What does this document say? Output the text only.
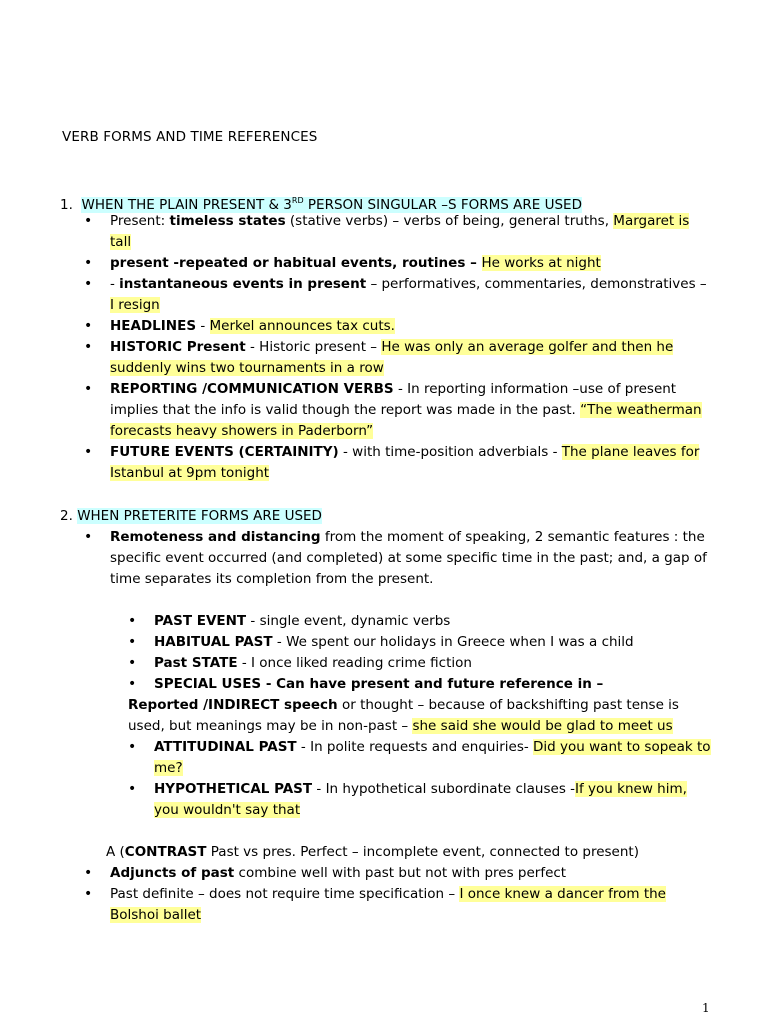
VERB FORMS AND TIME REFERENCES
1. WHEN THE PLAIN PRESENT & 3RD PERSON SINGULAR –S FORMS ARE USED
• Present: timeless states (stative verbs) – verbs of being, general truths, Margaret is tall
• present -repeated or habitual events, routines – He works at night
• - instantaneous events in present – performatives, commentaries, demonstratives – I resign
• HEADLINES - Merkel announces tax cuts.
• HISTORIC Present - Historic present – He was only an average golfer and then he suddenly wins two tournaments in a row
• REPORTING /COMMUNICATION VERBS - In reporting information –use of present implies that the info is valid though the report was made in the past. “The weatherman forecasts heavy showers in Paderborn”
• FUTURE EVENTS (CERTAINITY) - with time-position adverbials - The plane leaves for Istanbul at 9pm tonight
2. WHEN PRETERITE FORMS ARE USED
• Remoteness and distancing from the moment of speaking, 2 semantic features : the specific event occurred (and completed) at some specific time in the past; and, a gap of time separates its completion from the present.
• PAST EVENT - single event, dynamic verbs
• HABITUAL PAST - We spent our holidays in Greece when I was a child
• Past STATE - I once liked reading crime fiction
• SPECIAL USES - Can have present and future reference in –
Reported /INDIRECT speech or thought – because of backshifting past tense is used, but meanings may be in non-past – she said she would be glad to meet us
• ATTITUDINAL PAST - In polite requests and enquiries- Did you want to sopeak to me?
• HYPOTHETICAL PAST - In hypothetical subordinate clauses -If you knew him, you wouldn't say that
A (CONTRAST Past vs pres. Perfect – incomplete event, connected to present)
• Adjuncts of past combine well with past but not with pres perfect
• Past definite – does not require time specification – I once knew a dancer from the Bolshoi ballet
1
